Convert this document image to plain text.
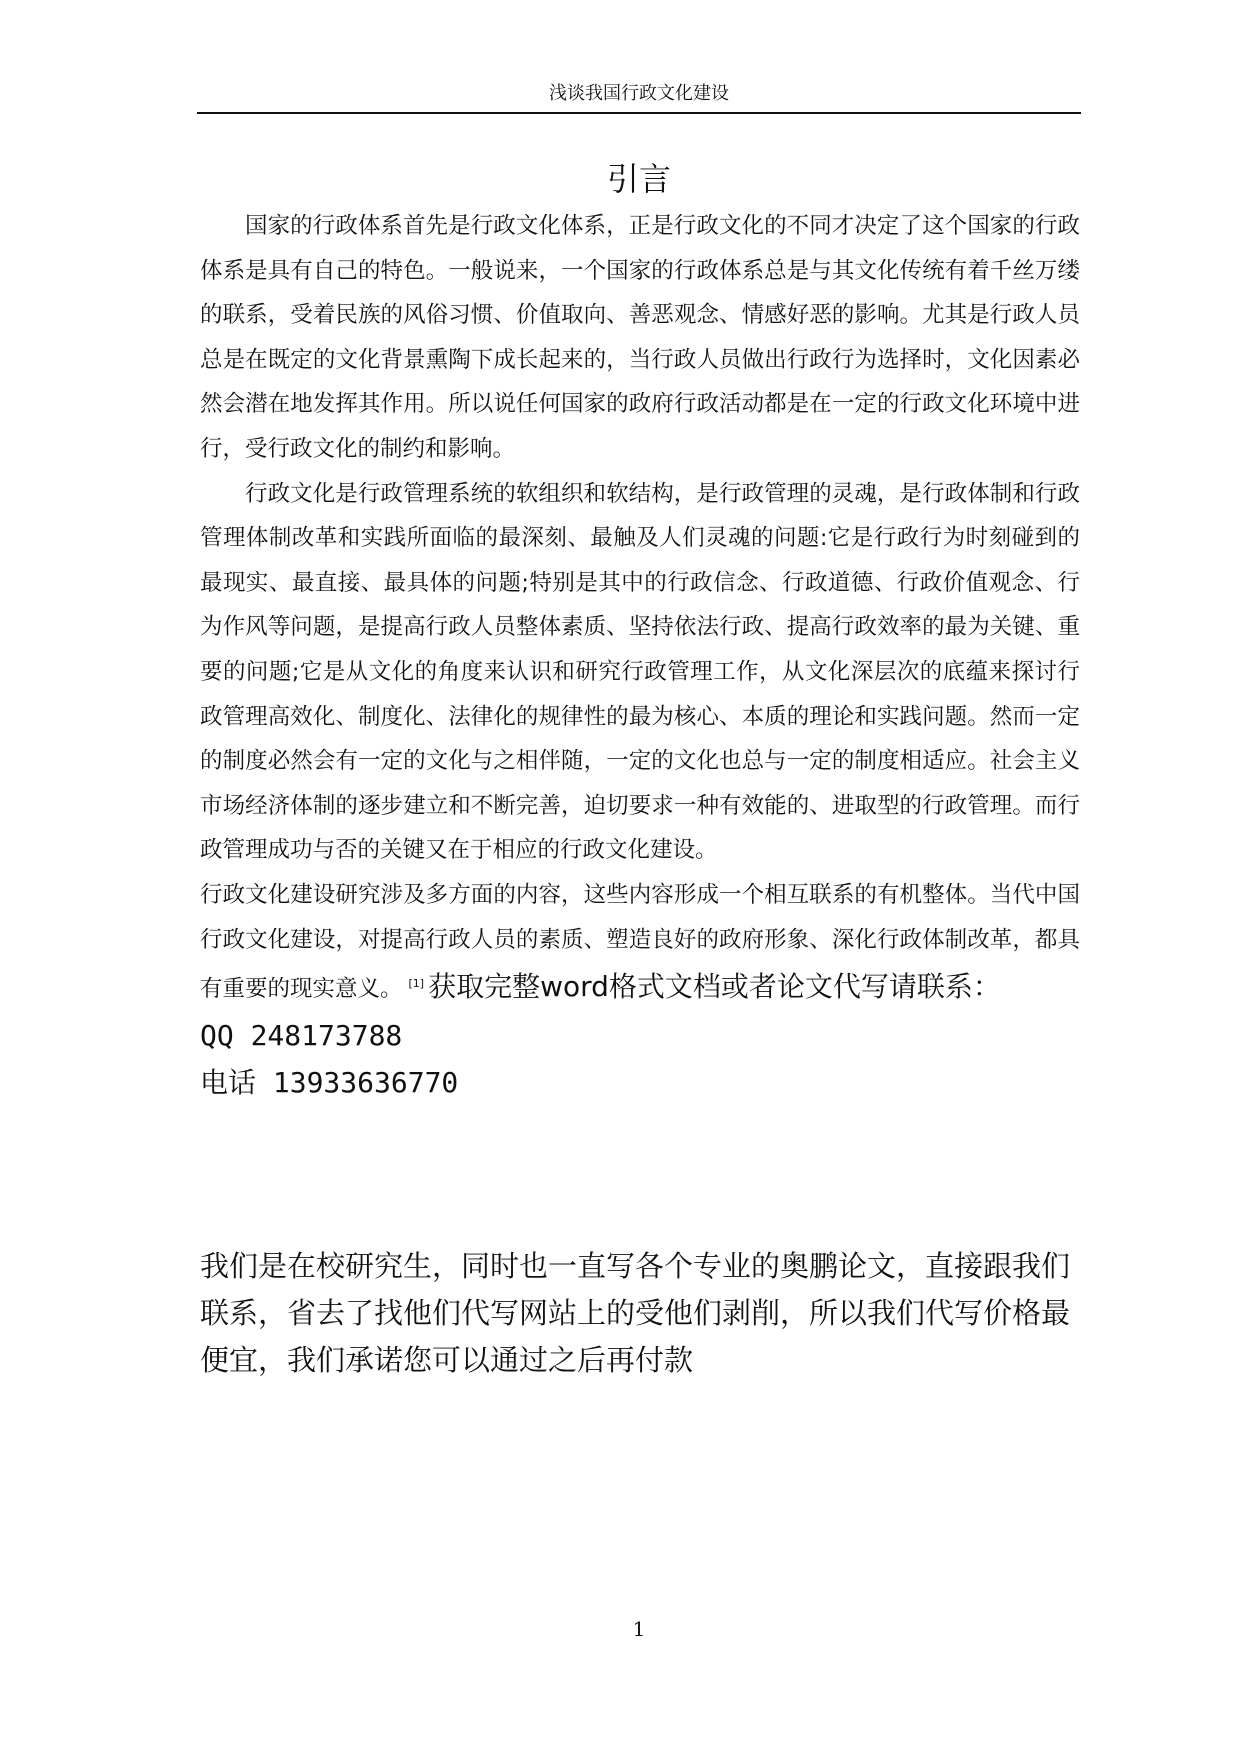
浅谈我国行政文化建设
引言

国家的行政体系首先是行政文化体系，正是行政文化的不同才决定了这个国家的行政体系是具有自己的特色。一般说来，一个国家的行政体系总是与其文化传统有着千丝万缕的联系，受着民族的风俗习惯、价值取向、善恶观念、情感好恶的影响。尤其是行政人员总是在既定的文化背景熏陶下成长起来的，当行政人员做出行政行为选择时，文化因素必然会潜在地发挥其作用。所以说任何国家的政府行政活动都是在一定的行政文化环境中进行，受行政文化的制约和影响。

行政文化是行政管理系统的软组织和软结构，是行政管理的灵魂，是行政体制和行政管理体制改革和实践所面临的最深刻、最触及人们灵魂的问题:它是行政行为时刻碰到的最现实、最直接、最具体的问题;特别是其中的行政信念、行政道德、行政价值观念、行为作风等问题，是提高行政人员整体素质、坚持依法行政、提高行政效率的最为关键、重要的问题;它是从文化的角度来认识和研究行政管理工作，从文化深层次的底蕴来探讨行政管理高效化、制度化、法律化的规律性的最为核心、本质的理论和实践问题。然而一定的制度必然会有一定的文化与之相伴随，一定的文化也总与一定的制度相适应。社会主义市场经济体制的逐步建立和不断完善，迫切要求一种有效能的、进取型的行政管理。而行政管理成功与否的关键又在于相应的行政文化建设。

行政文化建设研究涉及多方面的内容，这些内容形成一个相互联系的有机整体。当代中国行政文化建设，对提高行政人员的素质、塑造良好的政府形象、深化行政体制改革，都具有重要的现实意义。 [1] 获取完整word格式文档或者论文代写请联系：

QQ 248173788

电话 13933636770

我们是在校研究生，同时也一直写各个专业的奥鹏论文，直接跟我们联系，省去了找他们代写网站上的受他们剥削，所以我们代写价格最便宜，我们承诺您可以通过之后再付款

1
